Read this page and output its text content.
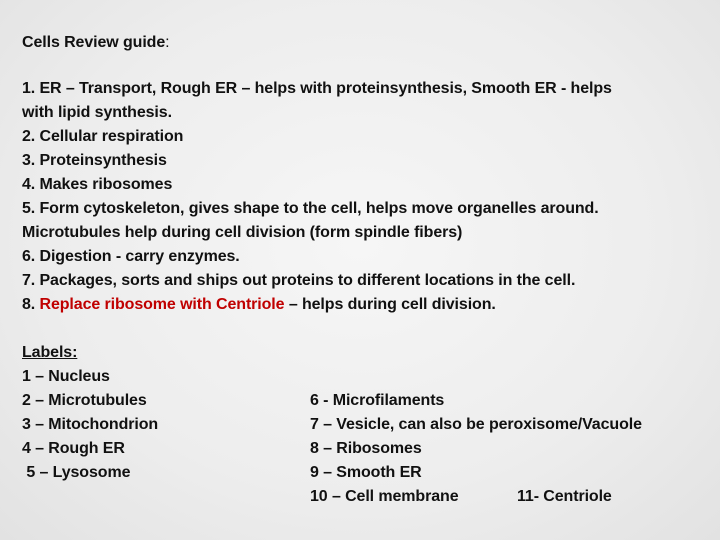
Cells Review guide:
1. ER – Transport, Rough ER – helps with proteinsynthesis, Smooth ER - helps
with lipid synthesis.
2. Cellular respiration
3. Proteinsynthesis
4. Makes ribosomes
5. Form cytoskeleton, gives shape to the cell, helps move organelles around.
Microtubules help during cell division (form spindle fibers)
6. Digestion - carry enzymes.
7. Packages, sorts and ships out proteins to different locations in the cell.
8. Replace ribosome with Centriole – helps during cell division.
Labels:
1 – Nucleus
2 – Microtubules
3 – Mitochondrion
4 – Rough ER
5 – Lysosome
6 - Microfilaments
7 – Vesicle, can also be peroxisome/Vacuole
8 – Ribosomes
9 – Smooth ER
10 – Cell membrane	11- Centriole
